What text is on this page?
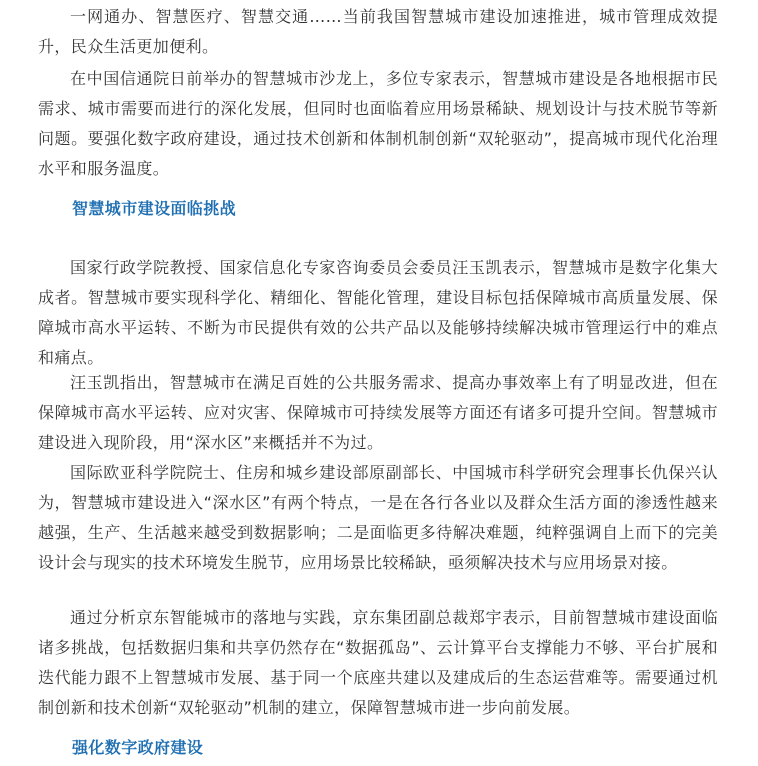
一网通办、智慧医疗、智慧交通……当前我国智慧城市建设加速推进，城市管理成效提升，民众生活更加便利。

在中国信通院日前举办的智慧城市沙龙上，多位专家表示，智慧城市建设是各地根据市民需求、城市需要而进行的深化发展，但同时也面临着应用场景稀缺、规划设计与技术脱节等新问题。要强化数字政府建设，通过技术创新和体制机制创新“双轮驱动”，提高城市现代化治理水平和服务温度。

智慧城市建设面临挑战

国家行政学院教授、国家信息化专家咨询委员会委员汪玉凯表示，智慧城市是数字化集大成者。智慧城市要实现科学化、精细化、智能化管理，建设目标包括保障城市高质量发展、保障城市高水平运转、不断为市民提供有效的公共产品以及能够持续解决城市管理运行中的难点和痛点。

汪玉凯指出，智慧城市在满足百姓的公共服务需求、提高办事效率上有了明显改进，但在保障城市高水平运转、应对灾害、保障城市可持续发展等方面还有诸多可提升空间。智慧城市建设进入现阶段，用“深水区”来概括并不为过。

国际欧亚科学院院士、住房和城乡建设部原副部长、中国城市科学研究会理事长仇保兴认为，智慧城市建设进入“深水区”有两个特点，一是在各行各业以及群众生活方面的渗透性越来越强，生产、生活越来越受到数据影响；二是面临更多待解决难题，纯粹强调自上而下的完美设计会与现实的技术环境发生脱节，应用场景比较稀缺，亟须解决技术与应用场景对接。

通过分析京东智能城市的落地与实践，京东集团副总裁郑宇表示，目前智慧城市建设面临诸多挑战，包括数据归集和共享仍然存在“数据孤岛”、云计算平台支撑能力不够、平台扩展和迭代能力跟不上智慧城市发展、基于同一个底座共建以及建成后的生态运营难等。需要通过机制创新和技术创新“双轮驱动”机制的建立，保障智慧城市进一步向前发展。

强化数字政府建设
